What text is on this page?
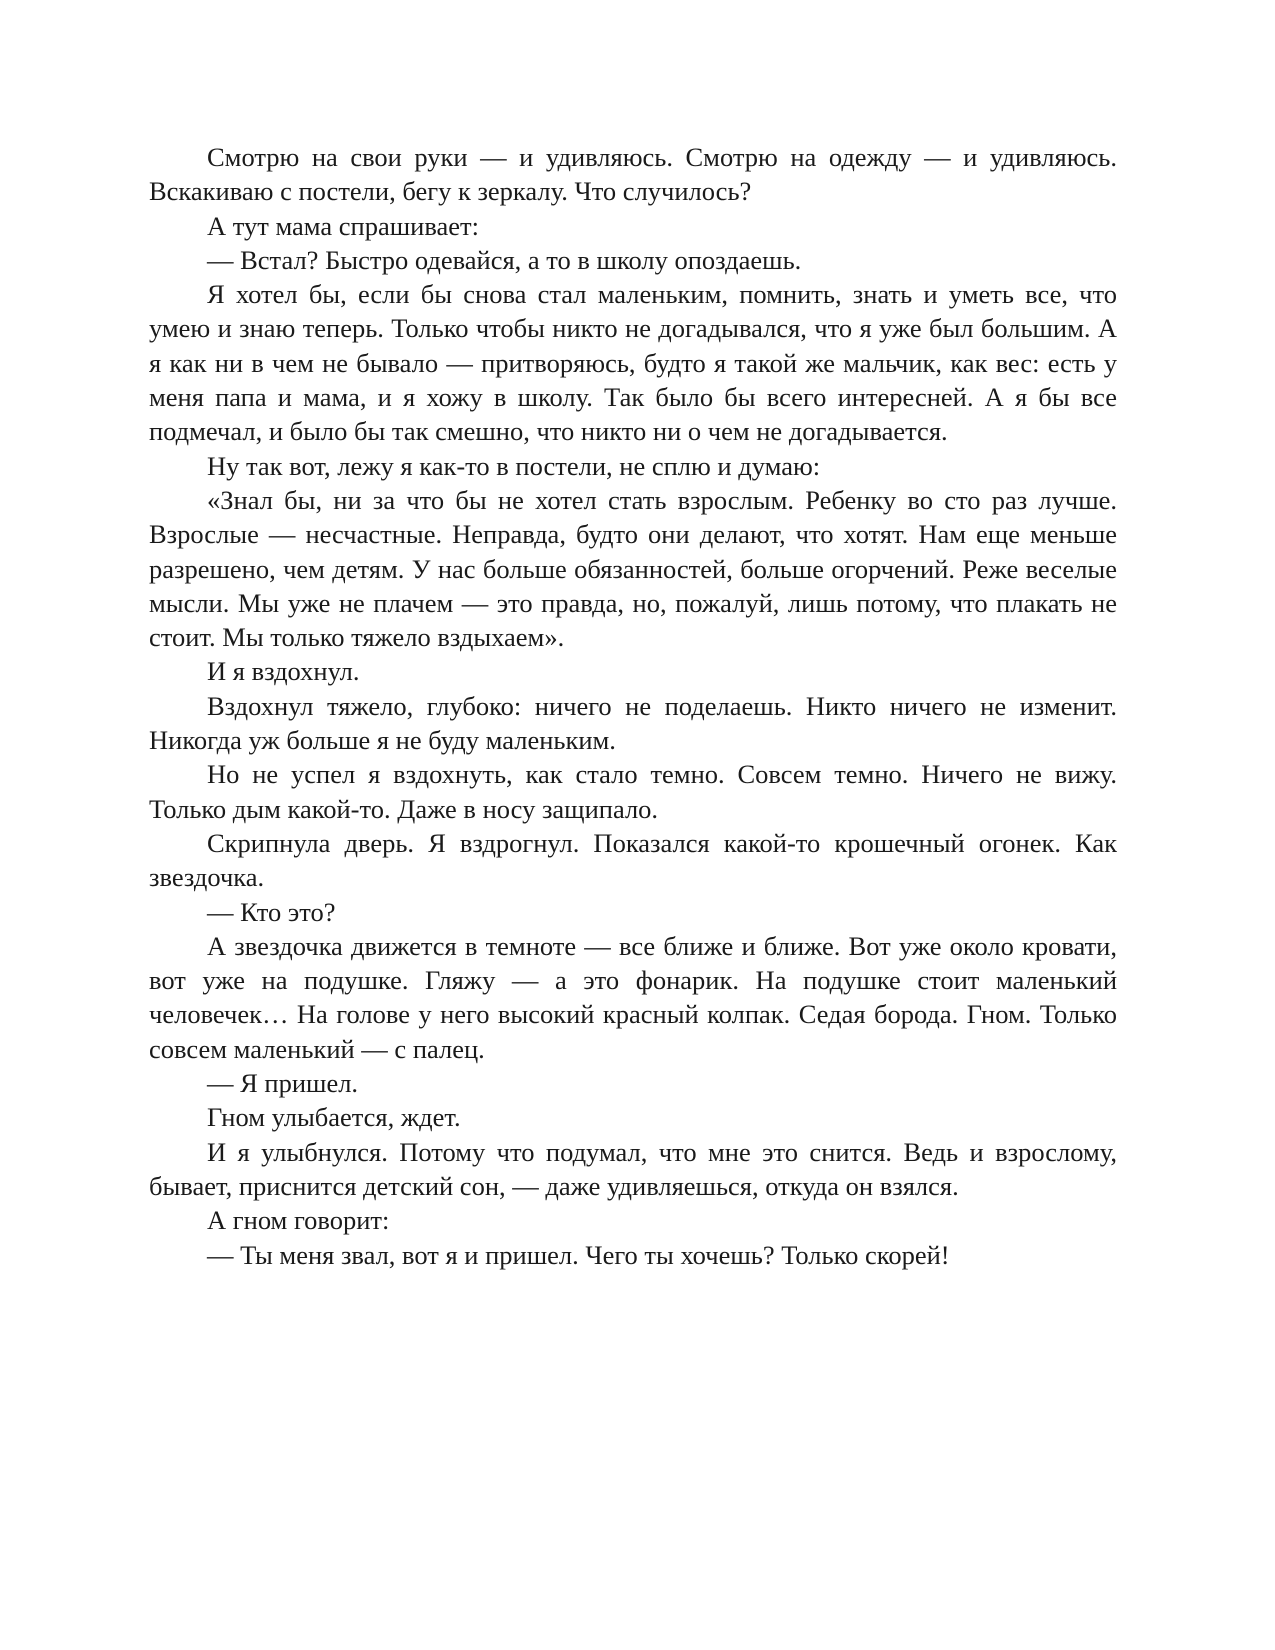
Смотрю на свои руки — и удивляюсь. Смотрю на одежду — и удивляюсь. Вскакиваю с постели, бегу к зеркалу. Что случилось?

А тут мама спрашивает:

— Встал? Быстро одевайся, а то в школу опоздаешь.

Я хотел бы, если бы снова стал маленьким, помнить, знать и уметь все, что умею и знаю теперь. Только чтобы никто не догадывался, что я уже был большим. А я как ни в чем не бывало — притворяюсь, будто я такой же мальчик, как вес: есть у меня папа и мама, и я хожу в школу. Так было бы всего интересней. А я бы все подмечал, и было бы так смешно, что никто ни о чем не догадывается.

Ну так вот, лежу я как-то в постели, не сплю и думаю:

«Знал бы, ни за что бы не хотел стать взрослым. Ребенку во сто раз лучше. Взрослые — несчастные. Неправда, будто они делают, что хотят. Нам еще меньше разрешено, чем детям. У нас больше обязанностей, больше огорчений. Реже веселые мысли. Мы уже не плачем — это правда, но, пожалуй, лишь потому, что плакать не стоит. Мы только тяжело вздыхаем».

И я вздохнул.

Вздохнул тяжело, глубоко: ничего не поделаешь. Никто ничего не изменит. Никогда уж больше я не буду маленьким.

Но не успел я вздохнуть, как стало темно. Совсем темно. Ничего не вижу. Только дым какой-то. Даже в носу защипало.

Скрипнула дверь. Я вздрогнул. Показался какой-то крошечный огонек. Как звездочка.

— Кто это?

А звездочка движется в темноте — все ближе и ближе. Вот уже около кровати, вот уже на подушке. Гляжу — а это фонарик. На подушке стоит маленький человечек… На голове у него высокий красный колпак. Седая борода. Гном. Только совсем маленький — с палец.

— Я пришел.

Гном улыбается, ждет.

И я улыбнулся. Потому что подумал, что мне это снится. Ведь и взрослому, бывает, приснится детский сон, — даже удивляешься, откуда он взялся.

А гном говорит:

— Ты меня звал, вот я и пришел. Чего ты хочешь? Только скорей!
